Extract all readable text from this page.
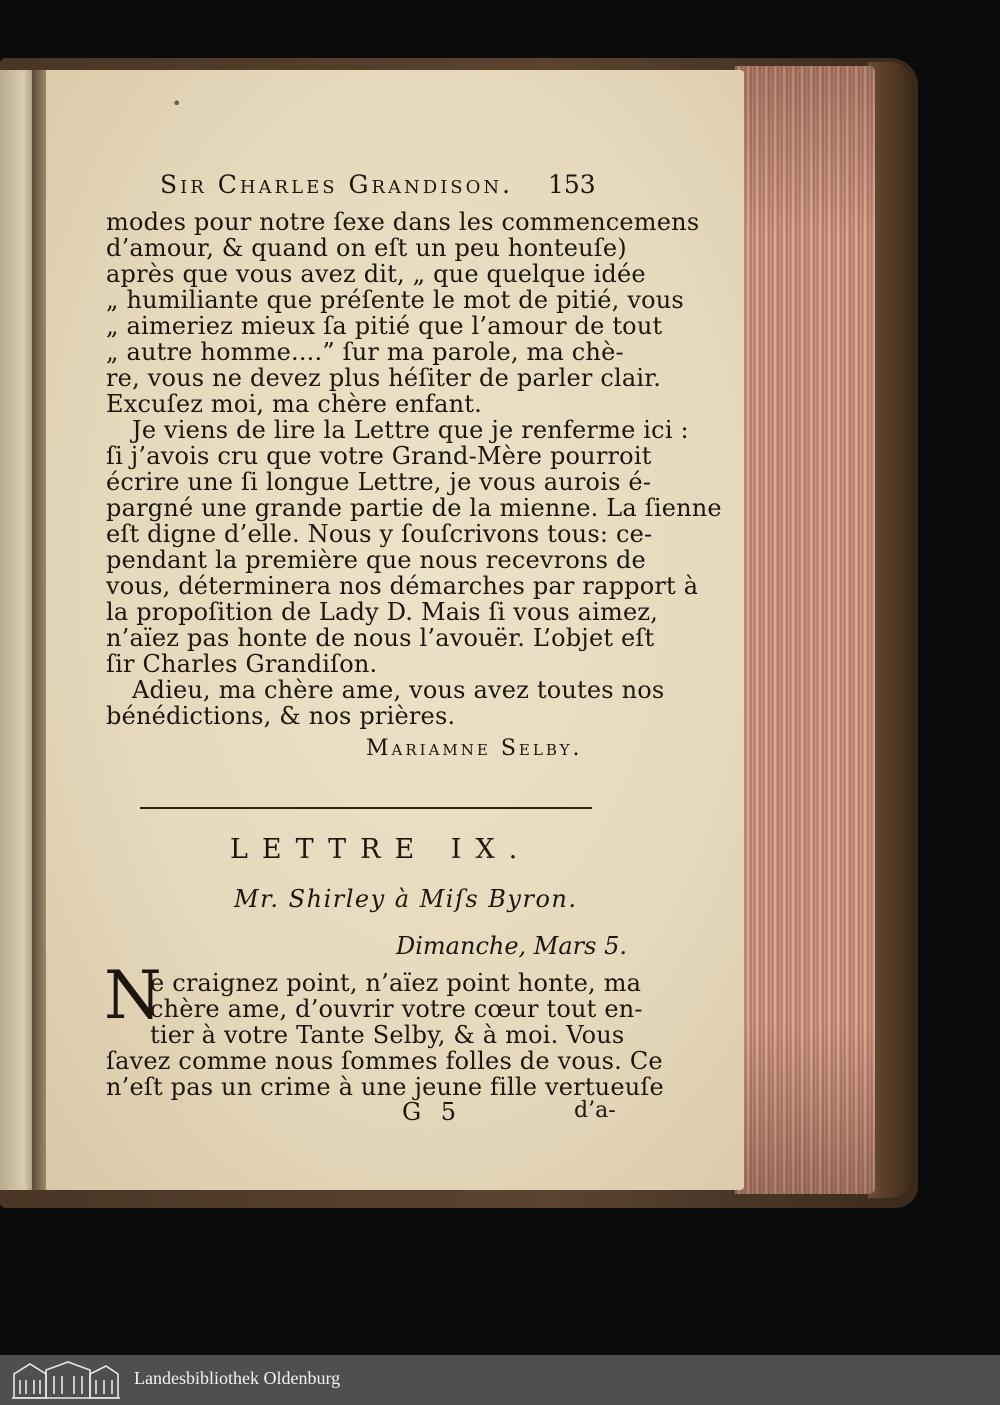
•
Sir Charles Grandison.	153
modes pour notre ſexe dans les commencemens
d’amour, & quand on eſt un peu honteuſe)
après que vous avez dit, „ que quelque idée
„ humiliante que préſente le mot de pitié, vous
„ aimeriez mieux ſa pitié que l’amour de tout
„ autre homme....” ſur ma parole, ma chè-
re, vous ne devez plus héſiter de parler clair.
Excuſez moi, ma chère enfant.
Je viens de lire la Lettre que je renferme ici :
ſi j’avois cru que votre Grand-Mère pourroit
écrire une ſi longue Lettre, je vous aurois é-
pargné une grande partie de la mienne. La ſienne
eſt digne d’elle. Nous y ſouſcrivons tous: ce-
pendant la première que nous recevrons de
vous, déterminera nos démarches par rapport à
la propoſition de Lady D. Mais ſi vous aimez,
n’aïez pas honte de nous l’avouër. L’objet eſt
ſir Charles Grandiſon.
Adieu, ma chère ame, vous avez toutes nos
bénédictions, & nos prières.
Mariamne Selby.
LETTRE IX.
Mr. Shirley à Miſs Byron.
Dimanche, Mars 5.
N
e craignez point, n’aïez point honte, ma
chère ame, d’ouvrir votre cœur tout en-
tier à votre Tante Selby, & à moi. Vous
ſavez comme nous ſommes folles de vous. Ce
n’eſt pas un crime à une jeune fille vertueuſe
G 5	d’a-
Landesbibliothek Oldenburg
